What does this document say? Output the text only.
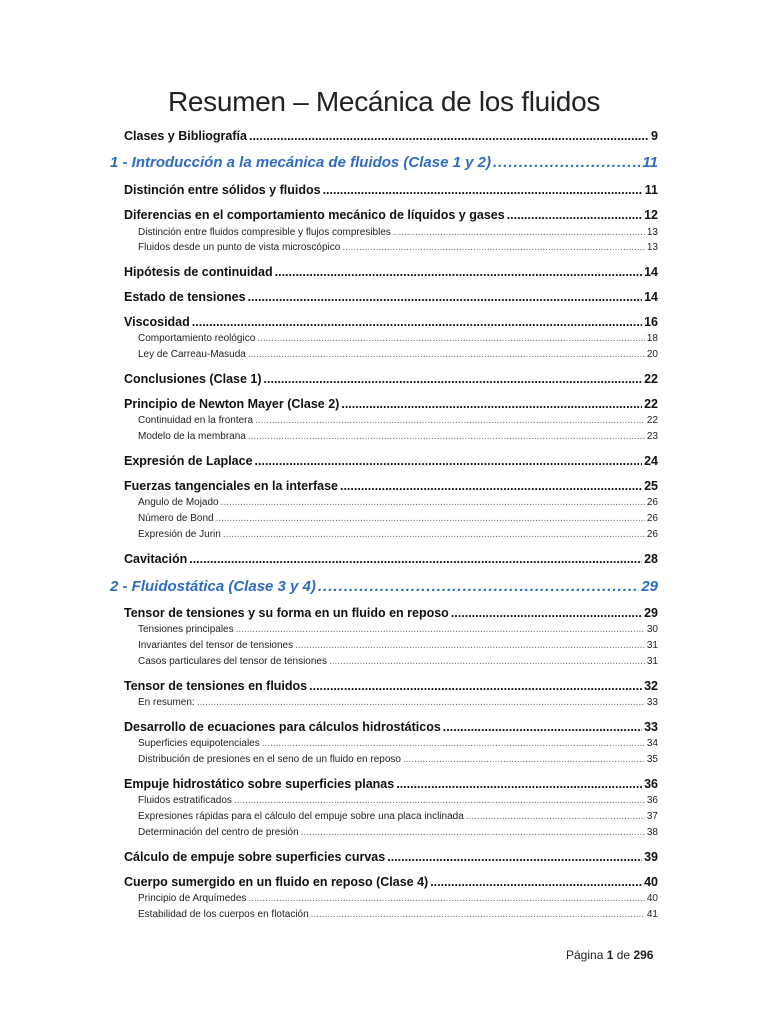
Resumen – Mecánica de los fluidos
Clases y Bibliografía .....	9
1 - Introducción a la mecánica de fluidos (Clase 1 y 2) .....	11
Distinción entre sólidos y fluidos .....	11
Diferencias en el comportamiento mecánico de líquidos y gases .....	12
Distinción entre fluidos compresible y flujos compresibles .....	13
Fluidos desde un punto de vista microscópico .....	13
Hipótesis de continuidad .....	14
Estado de tensiones .....	14
Viscosidad .....	16
Comportamiento reológico .....	18
Ley de Carreau-Masuda .....	20
Conclusiones (Clase 1) .....	22
Principio de Newton Mayer (Clase 2) .....	22
Continuidad en la frontera .....	22
Modelo de la membrana .....	23
Expresión de Laplace .....	24
Fuerzas tangenciales en la interfase .....	25
Ángulo de Mojado .....	26
Número de Bond .....	26
Expresión de Jurin .....	26
Cavitación .....	28
2 - Fluidostática (Clase 3 y 4) .....	29
Tensor de tensiones y su forma en un fluido en reposo .....	29
Tensiones principales .....	30
Invariantes del tensor de tensiones .....	31
Casos particulares del tensor de tensiones .....	31
Tensor de tensiones en fluidos .....	32
En resumen: .....	33
Desarrollo de ecuaciones para cálculos hidrostáticos .....	33
Superficies equipotenciales .....	34
Distribución de presiones en el seno de un fluido en reposo .....	35
Empuje hidrostático sobre superficies planas .....	36
Fluidos estratificados .....	36
Expresiones rápidas para el cálculo del empuje sobre una placa inclinada .....	37
Determinación del centro de presión .....	38
Cálculo de empuje sobre superficies curvas .....	39
Cuerpo sumergido en un fluido en reposo (Clase 4) .....	40
Principio de Arquímedes .....	40
Estabilidad de los cuerpos en flotación .....	41
Página 1 de 296
